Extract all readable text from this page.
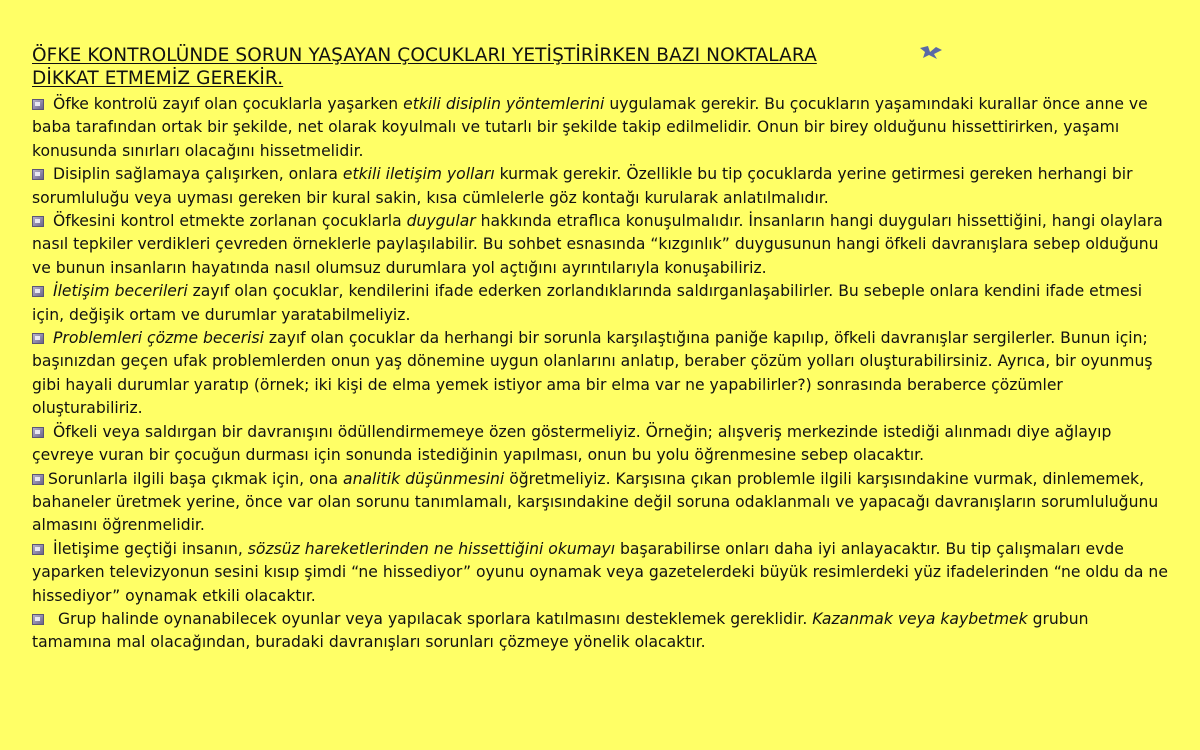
ÖFKE KONTROLÜNDE SORUN YAŞAYAN ÇOCUKLARI YETİŞTİRİRKEN BAZI NOKTALARA
DİKKAT ETMEMİZ GEREKİR.

Öfke kontrolü zayıf olan çocuklarla yaşarken etkili disiplin yöntemlerini uygulamak gerekir. Bu çocukların yaşamındaki kurallar önce anne ve baba tarafından ortak bir şekilde, net olarak koyulmalı ve tutarlı bir şekilde takip edilmelidir. Onun bir birey olduğunu hissettirirken, yaşamı konusunda sınırları olacağını hissetmelidir.

Disiplin sağlamaya çalışırken, onlara etkili iletişim yolları kurmak gerekir. Özellikle bu tip çocuklarda yerine getirmesi gereken herhangi bir sorumluluğu veya uyması gereken bir kural sakin, kısa cümlelerle göz kontağı kurularak anlatılmalıdır.

Öfkesini kontrol etmekte zorlanan çocuklarla duygular hakkında etraflıca konuşulmalıdır. İnsanların hangi duyguları hissettiğini, hangi olaylara nasıl tepkiler verdikleri çevreden örneklerle paylaşılabilir. Bu sohbet esnasında “kızgınlık” duygusunun hangi öfkeli davranışlara sebep olduğunu ve bunun insanların hayatında nasıl olumsuz durumlara yol açtığını ayrıntılarıyla konuşabiliriz.

İletişim becerileri zayıf olan çocuklar, kendilerini ifade ederken zorlandıklarında saldırganlaşabilirler. Bu sebeple onlara kendini ifade etmesi için, değişik ortam ve durumlar yaratabilmeliyiz.

Problemleri çözme becerisi zayıf olan çocuklar da herhangi bir sorunla karşılaştığına paniğe kapılıp, öfkeli davranışlar sergilerler. Bunun için; başınızdan geçen ufak problemlerden onun yaş dönemine uygun olanlarını anlatıp, beraber çözüm yolları oluşturabilirsiniz. Ayrıca, bir oyunmuş gibi hayali durumlar yaratıp (örnek; iki kişi de elma yemek istiyor ama bir elma var ne yapabilirler?) sonrasında beraberce çözümler oluşturabiliriz.

Öfkeli veya saldırgan bir davranışını ödüllendirmemeye özen göstermeliyiz. Örneğin; alışveriş merkezinde istediği alınmadı diye ağlayıp çevreye vuran bir çocuğun durması için sonunda istediğinin yapılması, onun bu yolu öğrenmesine sebep olacaktır.

Sorunlarla ilgili başa çıkmak için, ona analitik düşünmesini öğretmeliyiz. Karşısına çıkan problemle ilgili karşısındakine vurmak, dinlememek, bahaneler üretmek yerine, önce var olan sorunu tanımlamalı, karşısındakine değil soruna odaklanmalı ve yapacağı davranışların sorumluluğunu almasını öğrenmelidir.

İletişime geçtiği insanın, sözsüz hareketlerinden ne hissettiğini okumayı başarabilirse onları daha iyi anlayacaktır. Bu tip çalışmaları evde yaparken televizyonun sesini kısıp şimdi “ne hissediyor” oyunu oynamak veya gazetelerdeki büyük resimlerdeki yüz ifadelerinden “ne oldu da ne hissediyor” oynamak etkili olacaktır.

Grup halinde oynanabilecek oyunlar veya yapılacak sporlara katılmasını desteklemek gereklidir. Kazanmak veya kaybetmek grubun tamamına mal olacağından, buradaki davranışları sorunları çözmeye yönelik olacaktır.
